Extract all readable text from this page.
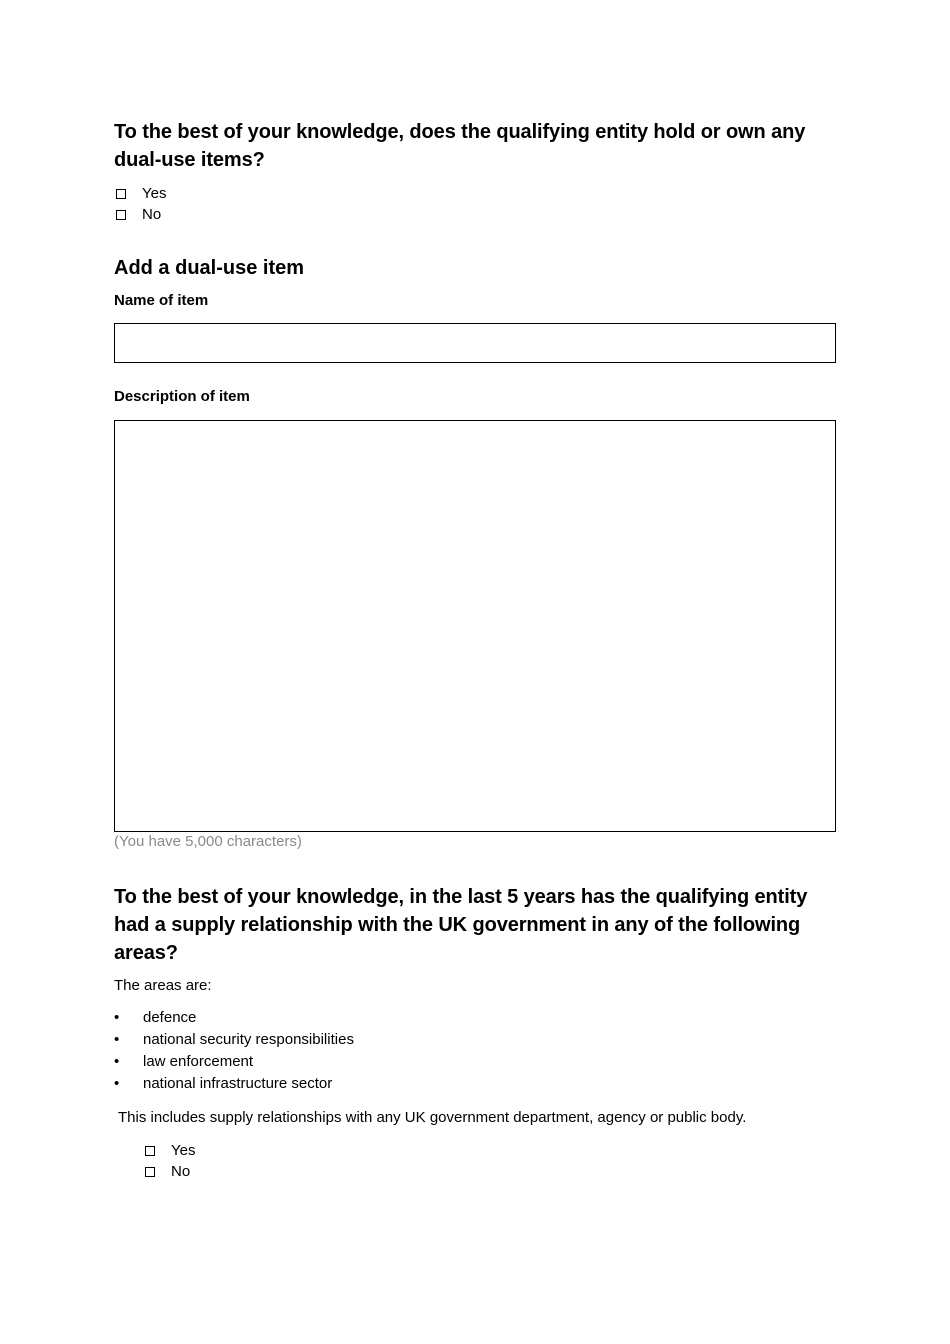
To the best of your knowledge, does the qualifying entity hold or own any dual-use items?
Yes
No
Add a dual-use item
Name of item
Description of item
(You have 5,000 characters)
To the best of your knowledge, in the last 5 years has the qualifying entity had a supply relationship with the UK government in any of the following areas?
The areas are:
• defence
• national security responsibilities
• law enforcement
• national infrastructure sector
This includes supply relationships with any UK government department, agency or public body.
Yes
No
